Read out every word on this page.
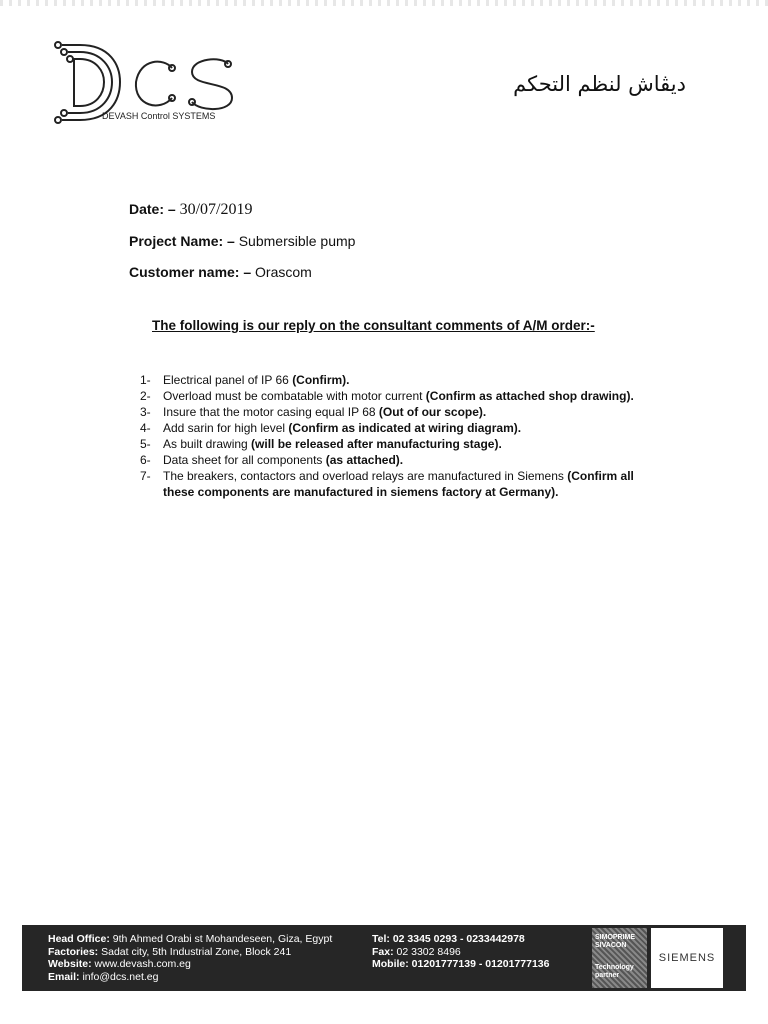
DEVASH Control SYSTEMS
ديڤاش لنظم التحكم
Date: – 30/07/2019
Project Name: – Submersible pump
Customer name: – Orascom
The following is our reply on the consultant comments of A/M order:-
1-	Electrical panel of IP 66 (Confirm).
2-	Overload must be combatable with motor current (Confirm as attached shop drawing).
3-	Insure that the motor casing equal IP 68 (Out of our scope).
4-	Add sarin for high level (Confirm as indicated at wiring diagram).
5-	As built drawing (will be released after manufacturing stage).
6-	Data sheet for all components (as attached).
7-	The breakers, contactors and overload relays are manufactured in Siemens (Confirm all these components are manufactured in siemens factory at Germany).
Head Office: 9th Ahmed Orabi st Mohandeseen, Giza, Egypt
Factories: Sadat city, 5th Industrial Zone, Block 241
Website: www.devash.com.eg
Email: info@dcs.net.eg
Tel: 02 3345 0293 - 0233442978
Fax: 02 3302 8496
Mobile: 01201777139 - 01201777136
SIMOPRIME SIVACON
Technology partner
SIEMENS
